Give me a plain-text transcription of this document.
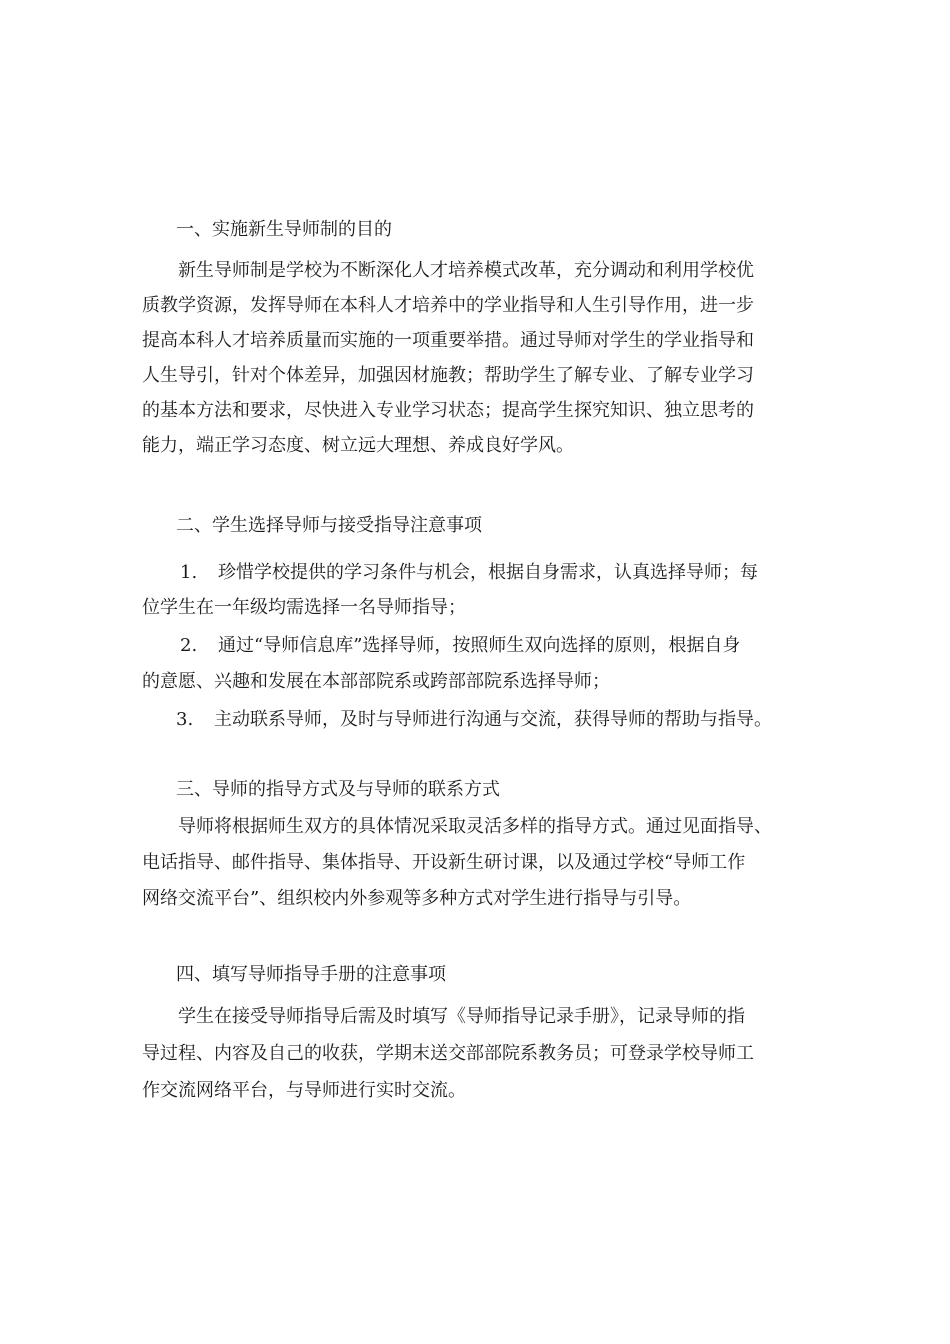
一、实施新生导师制的目的
新生导师制是学校为不断深化人才培养模式改革，充分调动和利用学校优
质教学资源，发挥导师在本科人才培养中的学业指导和人生引导作用，进一步
提高本科人才培养质量而实施的一项重要举措。通过导师对学生的学业指导和
人生导引，针对个体差异，加强因材施教；帮助学生了解专业、了解专业学习
的基本方法和要求，尽快进入专业学习状态；提高学生探究知识、独立思考的
能力，端正学习态度、树立远大理想、养成良好学风。
二、学生选择导师与接受指导注意事项
1. 珍惜学校提供的学习条件与机会，根据自身需求，认真选择导师；每
位学生在一年级均需选择一名导师指导；
2. 通过“导师信息库”选择导师，按照师生双向选择的原则，根据自身
的意愿、兴趣和发展在本部部院系或跨部部院系选择导师；
3. 主动联系导师，及时与导师进行沟通与交流，获得导师的帮助与指导。
三、导师的指导方式及与导师的联系方式
导师将根据师生双方的具体情况采取灵活多样的指导方式。通过见面指导、
电话指导、邮件指导、集体指导、开设新生研讨课，以及通过学校“导师工作
网络交流平台”、组织校内外参观等多种方式对学生进行指导与引导。
四、填写导师指导手册的注意事项
学生在接受导师指导后需及时填写《导师指导记录手册》，记录导师的指
导过程、内容及自己的收获，学期末送交部部院系教务员；可登录学校导师工
作交流网络平台，与导师进行实时交流。
